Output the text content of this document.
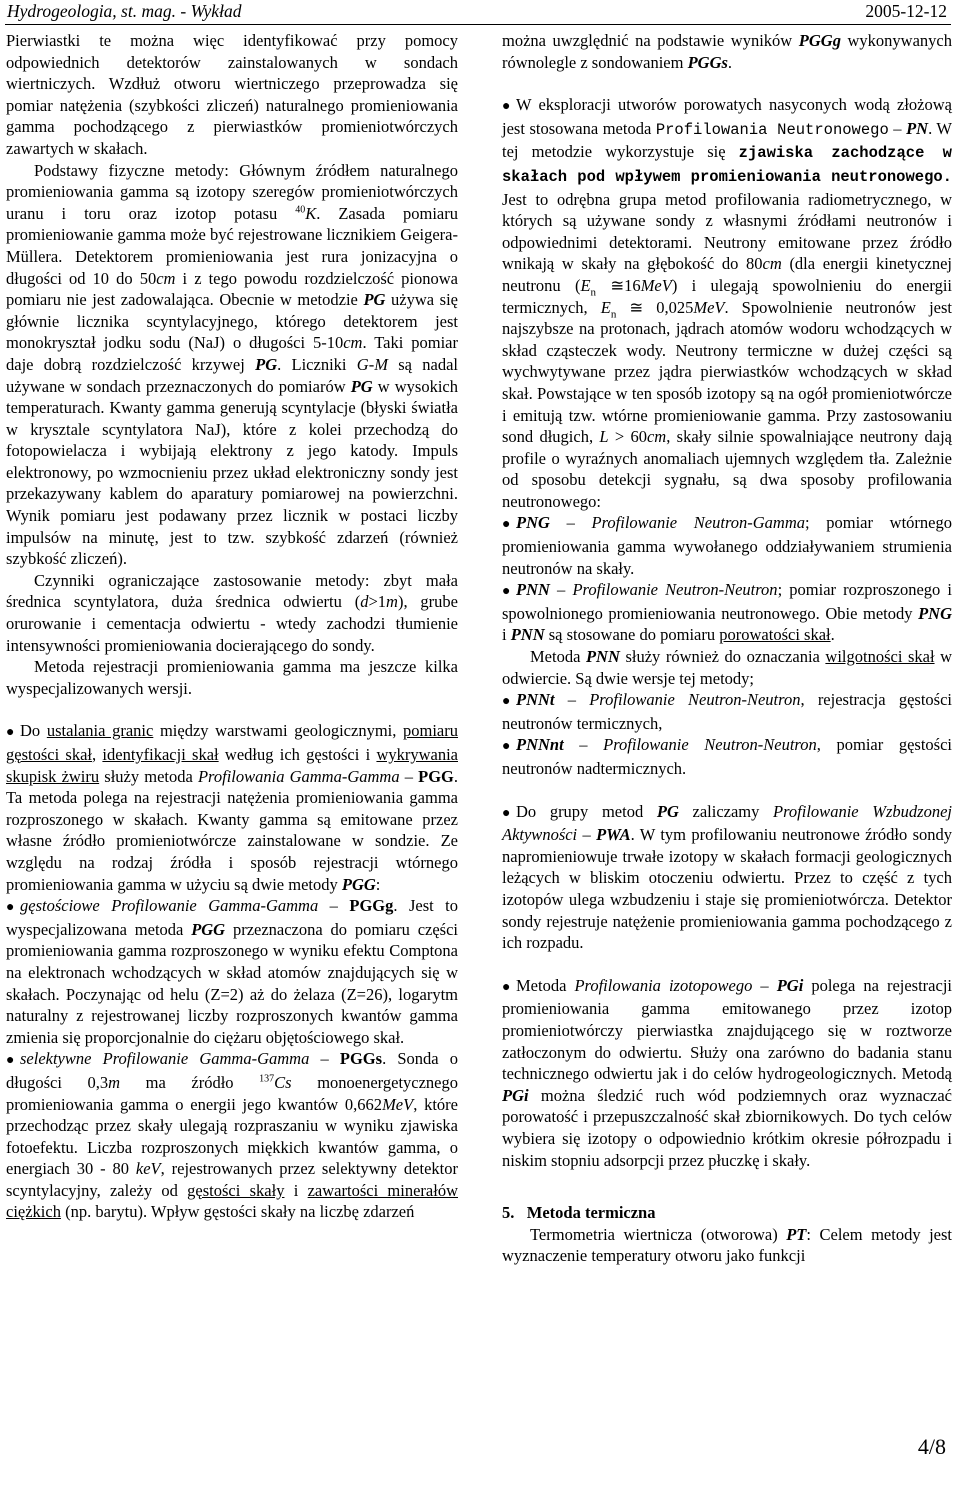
Hydrogeologia, st. mag. - Wykład	2005-12-12

Pierwiastki te można więc identyfikować przy pomocy odpowiednich detektorów zainstalowanych w sondach wiertniczych. Wzdłuż otworu wiertniczego przeprowadza się pomiar natężenia (szybkości zliczeń) naturalnego promieniowania gamma pochodzącego z pierwiastków promieniotwórczych zawartych w skałach.

Podstawy fizyczne metody: Głównym źródłem naturalnego promieniowania gamma są izotopy szeregów promieniotwórczych uranu i toru oraz izotop potasu $^{40}$K. Zasada pomiaru promieniowanie gamma może być rejestrowane licznikiem Geigera-Müllera. Detektorem promieniowania jest rura jonizacyjna o długości od 10 do 50cm i z tego powodu rozdzielczość pionowa pomiaru nie jest zadowalająca. Obecnie w metodzie PG używa się głównie licznika scyntylacyjnego, którego detektorem jest monokryształ jodku sodu (NaJ) o długości 5-10cm. Taki pomiar daje dobrą rozdzielczość krzywej PG. Liczniki G-M są nadal używane w sondach przeznaczonych do pomiarów PG w wysokich temperaturach. Kwanty gamma generują scyntylacje (błyski światła w krysztale scyntylatora NaJ), które z kolei przechodzą do fotopowielacza i wybijają elektrony z jego katody. Impuls elektronowy, po wzmocnieniu przez układ elektroniczny sondy jest przekazywany kablem do aparatury pomiarowej na powierzchni. Wynik pomiaru jest podawany przez licznik w postaci liczby impulsów na minutę, jest to tzw. szybkość zdarzeń (również szybkość zliczeń).

Czynniki ograniczające zastosowanie metody: zbyt mała średnica scyntylatora, duża średnica odwiertu (d>1m), grube orurowanie i cementacja odwiertu - wtedy zachodzi tłumienie intensywności promieniowania docierającego do sondy.

Metoda rejestracji promieniowania gamma ma jeszcze kilka wyspecjalizowanych wersji.

● Do ustalania granic między warstwami geologicznymi, pomiaru gęstości skał, identyfikacji skał według ich gęstości i wykrywania skupisk żwiru służy metoda Profilowania Gamma-Gamma – PGG. Ta metoda polega na rejestracji natężenia promieniowania gamma rozproszonego w skałach. Kwanty gamma są emitowane przez własne źródło promieniotwórcze zainstalowane w sondzie. Ze względu na rodzaj źródła i sposób rejestracji wtórnego promieniowania gamma w użyciu są dwie metody PGG:

● gęstościowe Profilowanie Gamma-Gamma – PGGg. Jest to wyspecjalizowana metoda PGG przeznaczona do pomiaru części promieniowania gamma rozproszonego w wyniku efektu Comptona na elektronach wchodzących w skład atomów znajdujących się w skałach. Poczynając od helu (Z=2) aż do żelaza (Z=26), logarytm naturalny z rejestrowanej liczby rozproszonych kwantów gamma zmienia się proporcjonalnie do ciężaru objętościowego skał.

● selektywne Profilowanie Gamma-Gamma – PGGs. Sonda o długości 0,3m ma źródło $^{137}$Cs monoenergetycznego promieniowania gamma o energii jego kwantów 0,662MeV, które przechodząc przez skały ulegają rozpraszaniu w wyniku zjawiska fotoefektu. Liczba rozproszonych miękkich kwantów gamma, o energiach 30 - 80 keV, rejestrowanych przez selektywny detektor scyntylacyjny, zależy od gęstości skały i zawartości minerałów ciężkich (np. barytu). Wpływ gęstości skały na liczbę zdarzeń

można uwzględnić na podstawie wyników PGGg wykonywanych równolegle z sondowaniem PGGs.

● W eksploracji utworów porowatych nasyconych wodą złożową jest stosowana metoda Profilowania Neutronowego – PN. W tej metodzie wykorzystuje się zjawiska zachodzące w skałach pod wpływem promieniowania neutronowego. Jest to odrębna grupa metod profilowania radiometrycznego, w których są używane sondy z własnymi źródłami neutronów i odpowiednimi detektorami. Neutrony emitowane przez źródło wnikają w skały na głębokość do 80cm (dla energii kinetycznej neutronu ($E_n$ ≅16MeV) i ulegają spowolnieniu do energii termicznych, $E_n$ ≅ 0,025MeV. Spowolnienie neutronów jest najszybsze na protonach, jądrach atomów wodoru wchodzących w skład cząsteczek wody. Neutrony termiczne w dużej części są wychwytywane przez jądra pierwiastków wchodzących w skład skał. Powstające w ten sposób izotopy są na ogół promieniotwórcze i emitują tzw. wtórne promieniowanie gamma. Przy zastosowaniu sond długich, L > 60cm, skały silnie spowalniające neutrony dają profile o wyraźnych anomaliach ujemnych względem tła. Zależnie od sposobu detekcji sygnału, są dwa sposoby profilowania neutronowego:

● PNG – Profilowanie Neutron-Gamma; pomiar wtórnego promieniowania gamma wywołanego oddziaływaniem strumienia neutronów na skały.

● PNN – Profilowanie Neutron-Neutron; pomiar rozproszonego i spowolnionego promieniowania neutronowego. Obie metody PNG i PNN są stosowane do pomiaru porowatości skał.

Metoda PNN służy również do oznaczania wilgotności skał w odwiercie. Są dwie wersje tej metody;

● PNNt – Profilowanie Neutron-Neutron, rejestracja gęstości neutronów termicznych,

● PNNnt – Profilowanie Neutron-Neutron, pomiar gęstości neutronów nadtermicznych.

● Do grupy metod PG zaliczamy Profilowanie Wzbudzonej Aktywności – PWA. W tym profilowaniu neutronowe źródło sondy napromieniowuje trwałe izotopy w skałach formacji geologicznych leżących w bliskim otoczeniu odwiertu. Przez to część z tych izotopów ulega wzbudzeniu i staje się promieniotwórcza. Detektor sondy rejestruje natężenie promieniowania gamma pochodzącego z ich rozpadu.

● Metoda Profilowania izotopowego – PGi polega na rejestracji promieniowania gamma emitowanego przez izotop promieniotwórczy pierwiastka znajdującego się w roztworze zatłoczonym do odwiertu. Służy ona zarówno do badania stanu technicznego odwiertu jak i do celów hydrogeologicznych. Metodą PGi można śledzić ruch wód podziemnych oraz wyznaczać porowatość i przepuszczalność skał zbiornikowych. Do tych celów wybiera się izotopy o odpowiednio krótkim okresie półrozpadu i niskim stopniu adsorpcji przez płuczkę i skały.

5. Metoda termiczna

Termometria wiertnicza (otworowa) PT: Celem metody jest wyznaczenie temperatury otworu jako funkcji

4/8
